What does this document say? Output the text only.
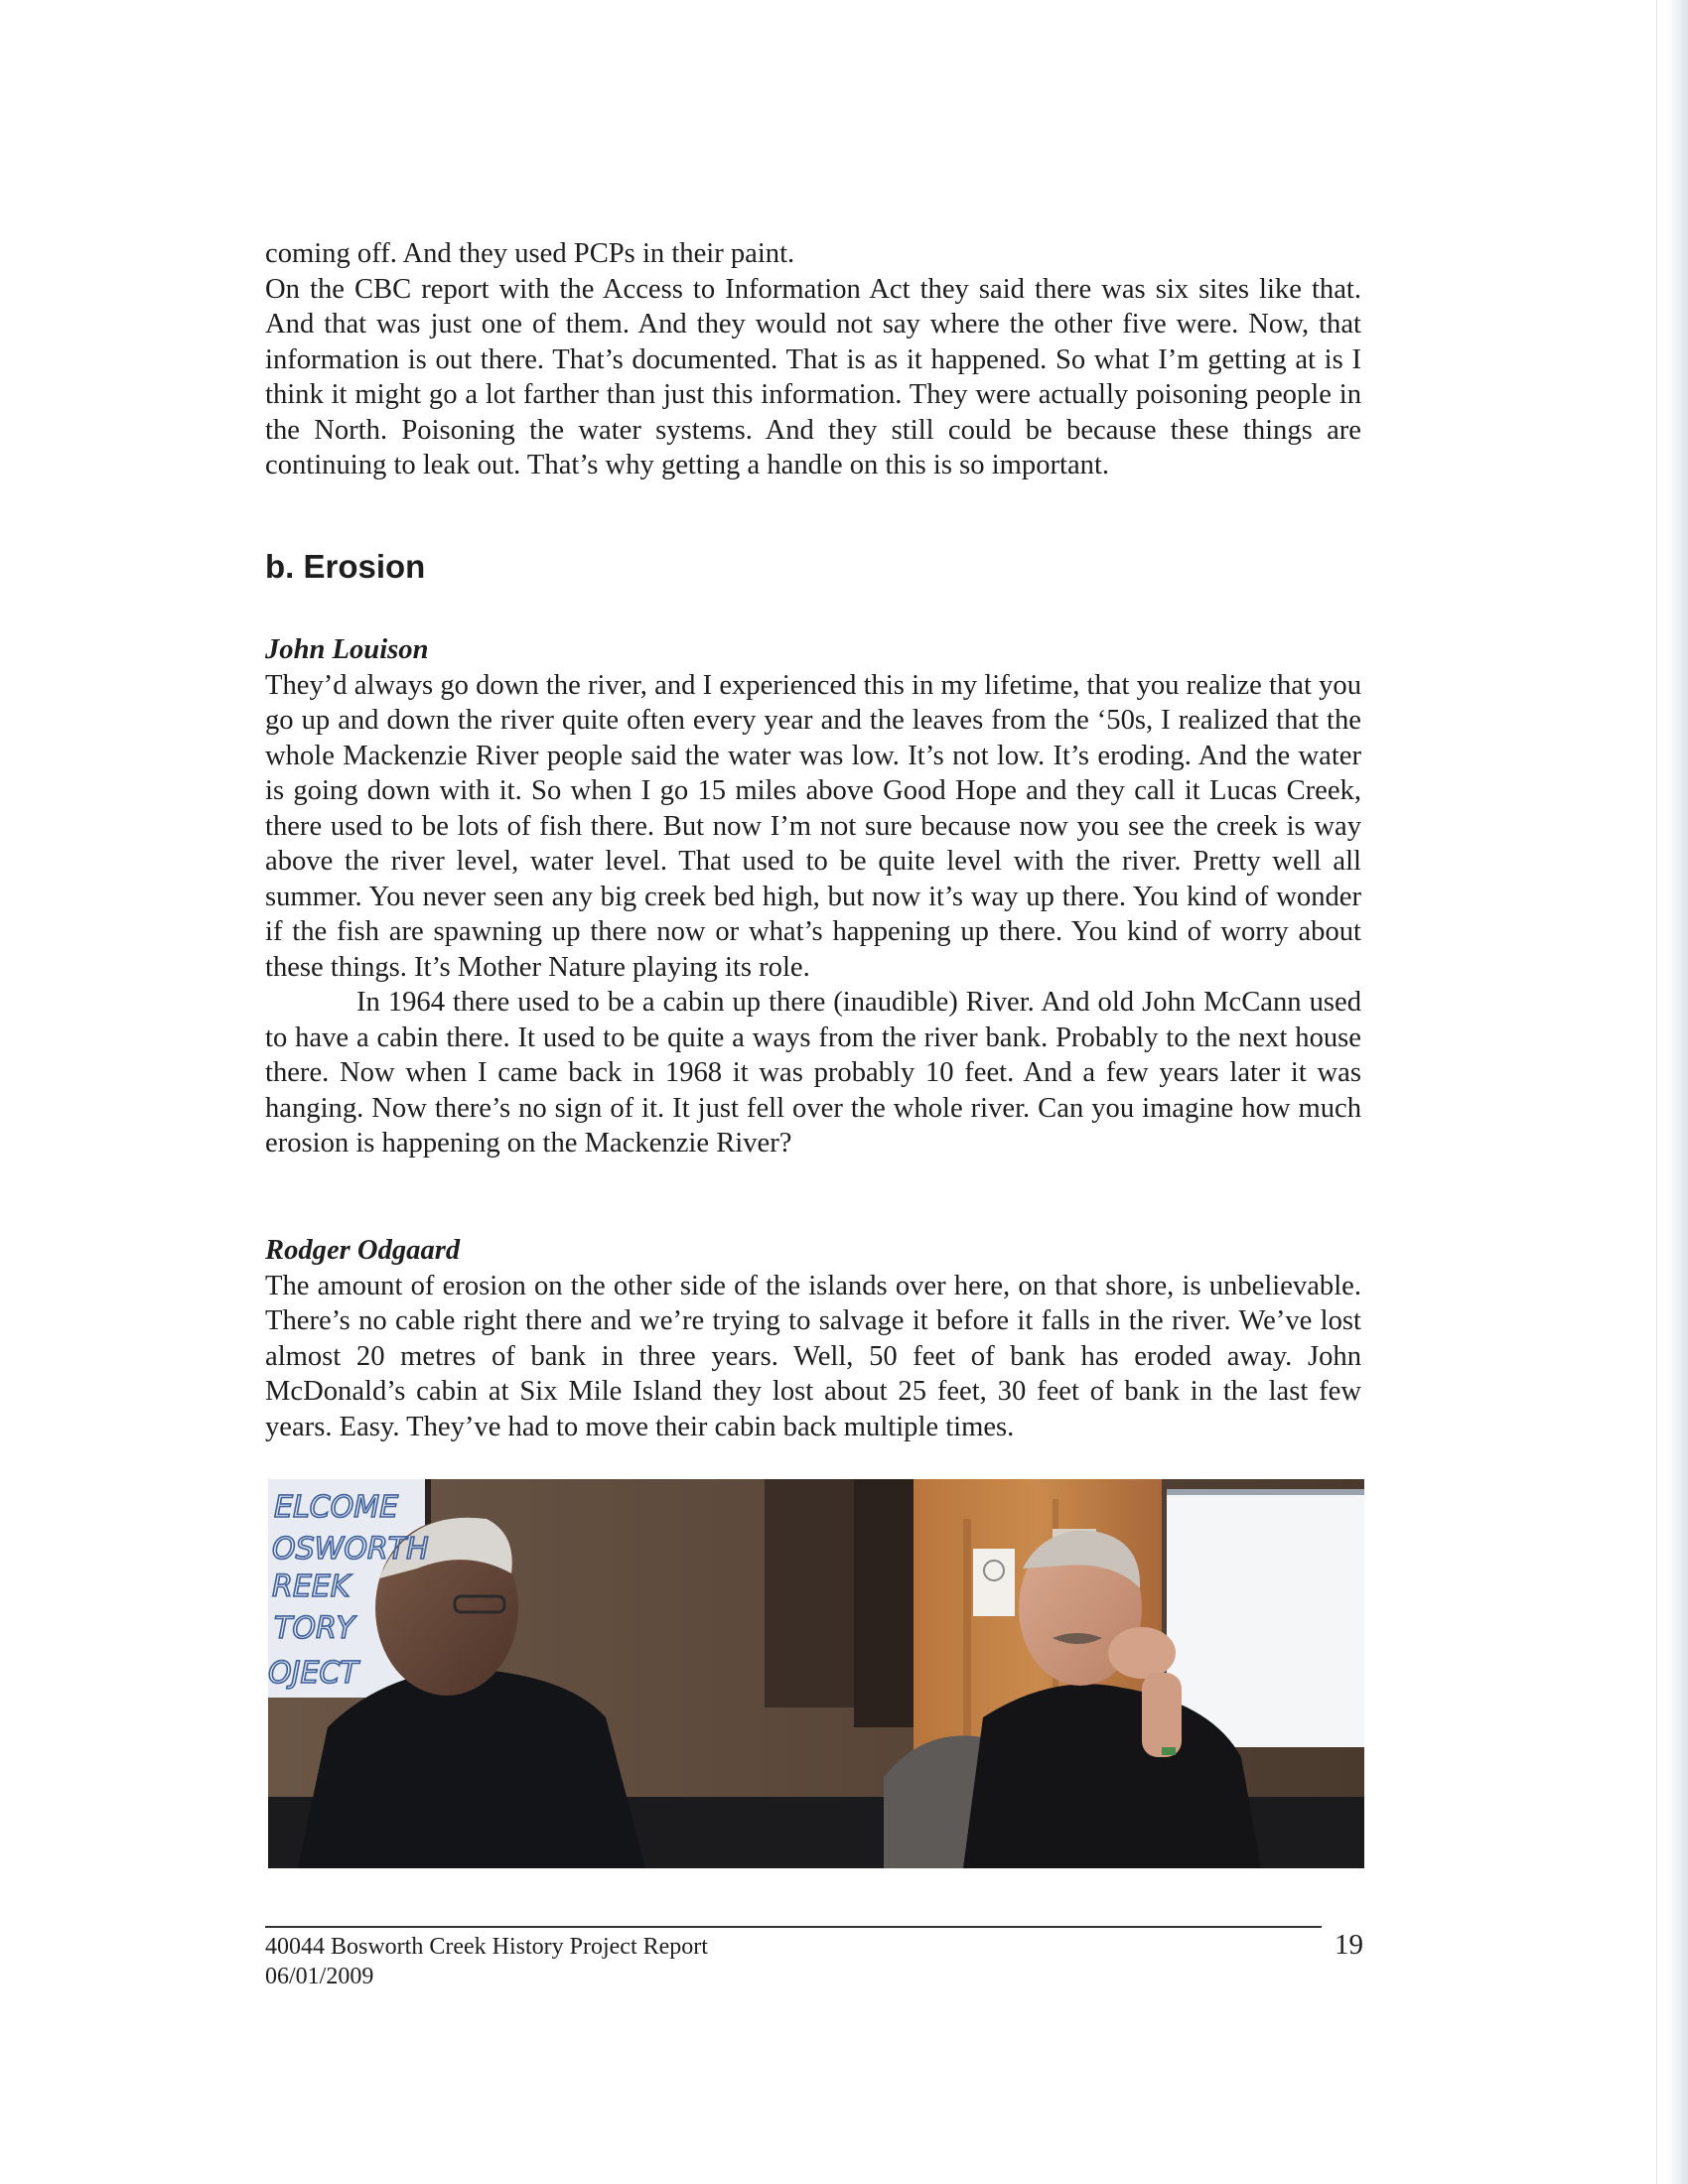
coming off. And they used PCPs in their paint.

On the CBC report with the Access to Information Act they said there was six sites like that. And that was just one of them. And they would not say where the other five were. Now, that information is out there. That’s documented. That is as it happened. So what I’m getting at is I think it might go a lot farther than just this information. They were actually poisoning people in the North. Poisoning the water systems. And they still could be because these things are continuing to leak out. That’s why getting a handle on this is so important.

b. Erosion

John Louison

They’d always go down the river, and I experienced this in my lifetime, that you realize that you go up and down the river quite often every year and the leaves from the ‘50s, I realized that the whole Mackenzie River people said the water was low. It’s not low. It’s eroding. And the water is going down with it. So when I go 15 miles above Good Hope and they call it Lucas Creek, there used to be lots of fish there. But now I’m not sure because now you see the creek is way above the river level, water level. That used to be quite level with the river. Pretty well all summer. You never seen any big creek bed high, but now it’s way up there. You kind of wonder if the fish are spawning up there now or what’s happening up there. You kind of worry about these things. It’s Mother Nature playing its role.

In 1964 there used to be a cabin up there (inaudible) River. And old John McCann used to have a cabin there. It used to be quite a ways from the river bank. Probably to the next house there. Now when I came back in 1968 it was probably 10 feet. And a few years later it was hanging. Now there’s no sign of it. It just fell over the whole river. Can you imagine how much erosion is happening on the Mackenzie River?

Rodger Odgaard

The amount of erosion on the other side of the islands over here, on that shore, is unbelievable. There’s no cable right there and we’re trying to salvage it before it falls in the river. We’ve lost almost 20 metres of bank in three years. Well, 50 feet of bank has eroded away. John McDonald’s cabin at Six Mile Island they lost about 25 feet, 30 feet of bank in the last few years. Easy. They’ve had to move their cabin back multiple times.

ELCOME
OSWORTH
REEK
TORY
OJECT
40044 Bosworth Creek History Project Report
06/01/2009
19
